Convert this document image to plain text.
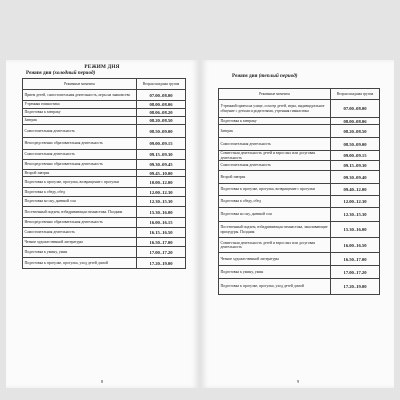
РЕЖИМ ДНЯ
Режим дня (холодный период)
Режимные моменты	Вторая младшая группа
Прием детей, самостоятельная деятельность, игры на знакомство	07.00–08.00
Утренняя гимнастика	08.00–08.06
Подготовка к завтраку	08.06–08.20
Завтрак	08.20–08.50
Самостоятельная деятельность	08.50–09.00
Непосредственно образовательная деятельность	09.00–09.15
Самостоятельная деятельность	09.15–09.30
Непосредственно образовательная деятельность	09.30–09.45
Второй завтрак	09.45–10.00
Подготовка к прогулке, прогулка, возвращение с прогулки	10.00–12.00
Подготовка к обеду, обед	12.00–12.30
Подготовка ко сну, дневной сон	12.30–15.30
Постепенный подъем, взбадривающая гимнастика. Полдник	15.30–16.00
Непосредственно образовательная деятельность	16.00–16.15
Самостоятельная деятельность	16.15–16.50
Чтение художественной литературы	16.50–17.00
Подготовка к ужину, ужин	17.00–17.20
Подготовка к прогулке, прогулка, уход детей домой	17.20–19.00
8
Режим дня (теплый период)
Режимные моменты	Вторая младшая группа
Утренний прием на улице, осмотр детей, игры, индивидуальное общение с детьми и родителями, утренняя гимнастика	07.00–08.00
Подготовка к завтраку	08.00–08.06
Завтрак	08.20–08.50
Самостоятельная деятельность	08.50–09.00
Совместная деятельность детей и взрослых или досуговая деятельность	09.00–09.15
Самостоятельная деятельность	09.15–09.30
Второй завтрак	09.30–09.40
Подготовка к прогулке, прогулка, возвращение с прогулки	09.40–12.00
Подготовка к обеду, обед	12.00–12.30
Подготовка ко сну, дневной сон	12.30–15.30
Постепенный подъем, взбадривающая гимнастика, закаливающие процедуры. Полдник	15.30–16.00
Совместная деятельность детей и взрослых или досуговая деятельность	16.00–16.50
Чтение художественной литературы	16.50–17.00
Подготовка к ужину, ужин	17.00–17.20
Подготовка к прогулке, прогулка, уход детей домой	17.20–19.00
9
